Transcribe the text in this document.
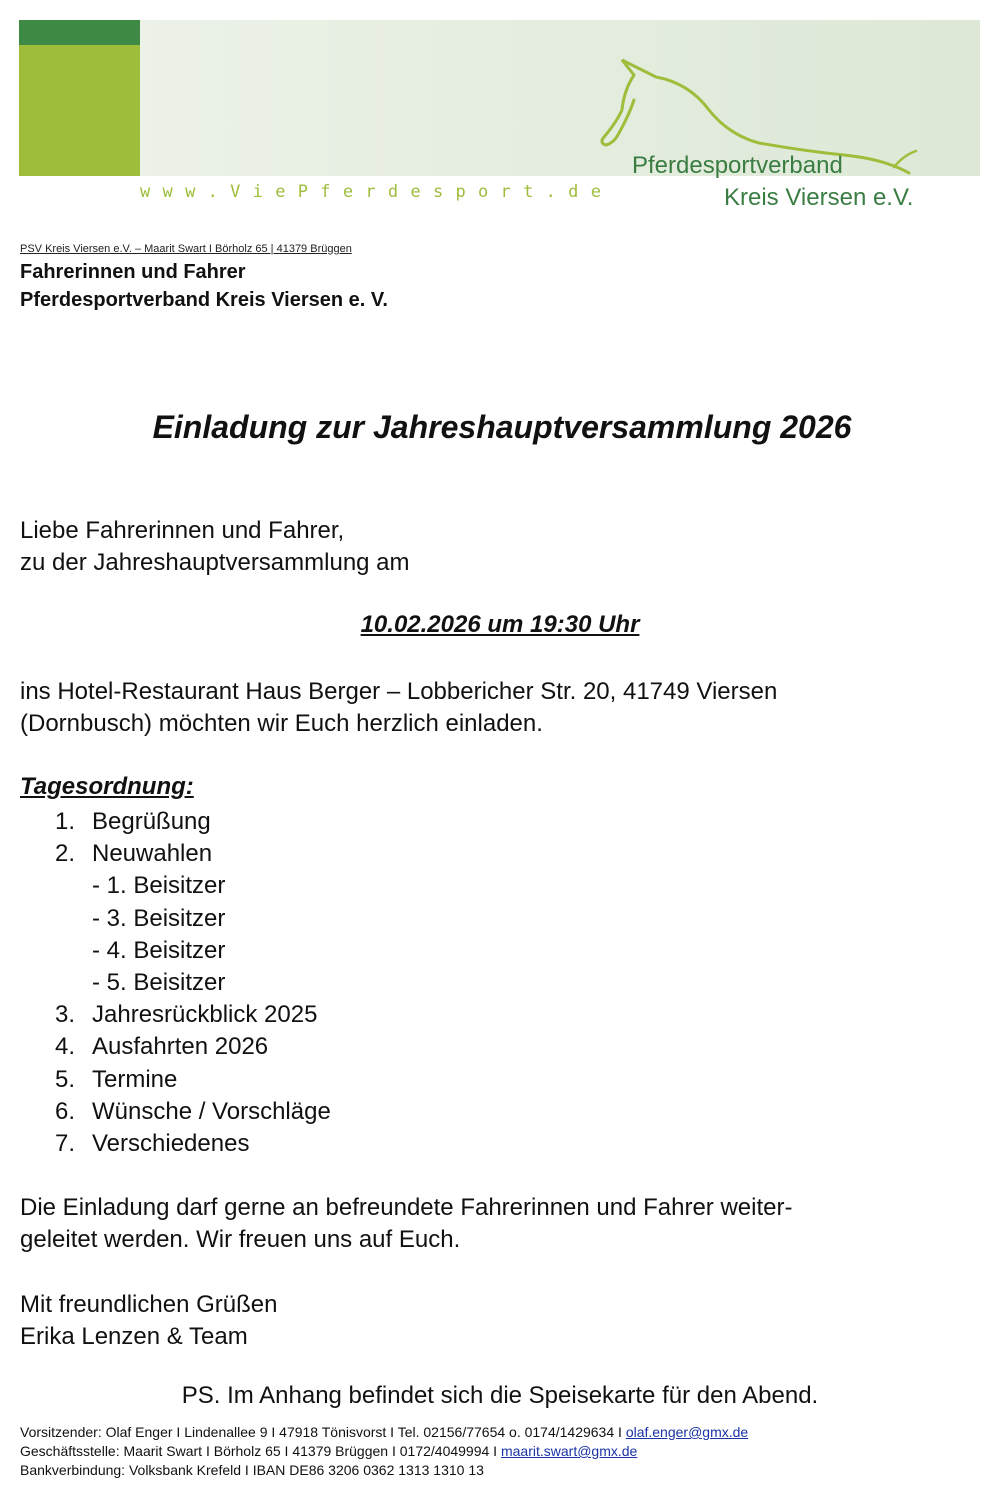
www.ViePferdesport.de
Pferdesportverband
Kreis Viersen e.V.
PSV Kreis Viersen e.V. – Maarit Swart I Börholz 65 | 41379 Brüggen
Fahrerinnen und Fahrer
Pferdesportverband Kreis Viersen e. V.
Einladung zur Jahreshauptversammlung 2026
Liebe Fahrerinnen und Fahrer,
zu der Jahreshauptversammlung am
10.02.2026 um 19:30 Uhr
ins Hotel-Restaurant Haus Berger – Lobbericher Str. 20, 41749 Viersen
(Dornbusch) möchten wir Euch herzlich einladen.
Tagesordnung:
1. Begrüßung
2. Neuwahlen
- 1. Beisitzer
- 3. Beisitzer
- 4. Beisitzer
- 5. Beisitzer
3. Jahresrückblick 2025
4. Ausfahrten 2026
5. Termine
6. Wünsche / Vorschläge
7. Verschiedenes
Die Einladung darf gerne an befreundete Fahrerinnen und Fahrer weiter-
geleitet werden. Wir freuen uns auf Euch.
Mit freundlichen Grüßen
Erika Lenzen & Team
PS. Im Anhang befindet sich die Speisekarte für den Abend.
Vorsitzender: Olaf Enger I Lindenallee 9 I 47918 Tönisvorst I Tel. 02156/77654 o. 0174/1429634 I olaf.enger@gmx.de
Geschäftsstelle: Maarit Swart I Börholz 65 I 41379 Brüggen I 0172/4049994 I maarit.swart@gmx.de
Bankverbindung: Volksbank Krefeld I IBAN DE86 3206 0362 1313 1310 13
